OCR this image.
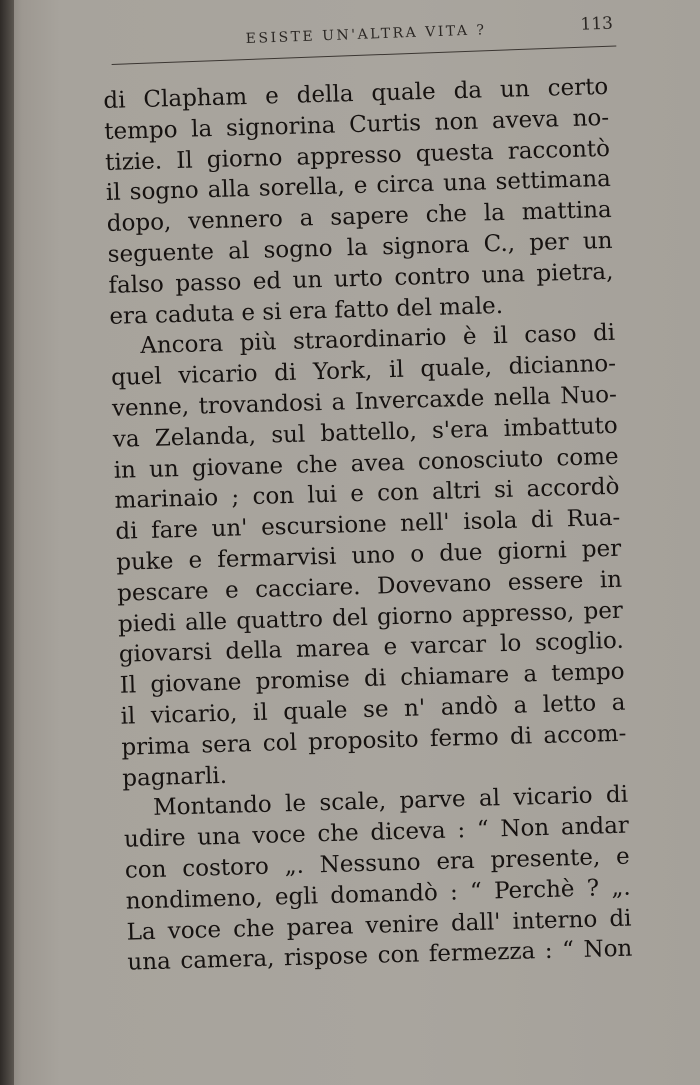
ESISTE UN'ALTRA VITA ?	113
di Clapham e della quale da un certo
tempo la signorina Curtis non aveva no-
tizie. Il giorno appresso questa raccontò
il sogno alla sorella, e circa una settimana
dopo, vennero a sapere che la mattina
seguente al sogno la signora C., per un
falso passo ed un urto contro una pietra,
era caduta e si era fatto del male.
Ancora più straordinario è il caso di
quel vicario di York, il quale, dicianno-
venne, trovandosi a Invercaxde nella Nuo-
va Zelanda, sul battello, s'era imbattuto
in un giovane che avea conosciuto come
marinaio ; con lui e con altri si accordò
di fare un' escursione nell' isola di Rua-
puke e fermarvisi uno o due giorni per
pescare e cacciare. Dovevano essere in
piedi alle quattro del giorno appresso, per
giovarsi della marea e varcar lo scoglio.
Il giovane promise di chiamare a tempo
il vicario, il quale se n' andò a letto a
prima sera col proposito fermo di accom-
pagnarli.
Montando le scale, parve al vicario di
udire una voce che diceva : “ Non andar
con costoro „. Nessuno era presente, e
nondimeno, egli domandò : “ Perchè ? „.
La voce che parea venire dall' interno di
una camera, rispose con fermezza : “ Non
